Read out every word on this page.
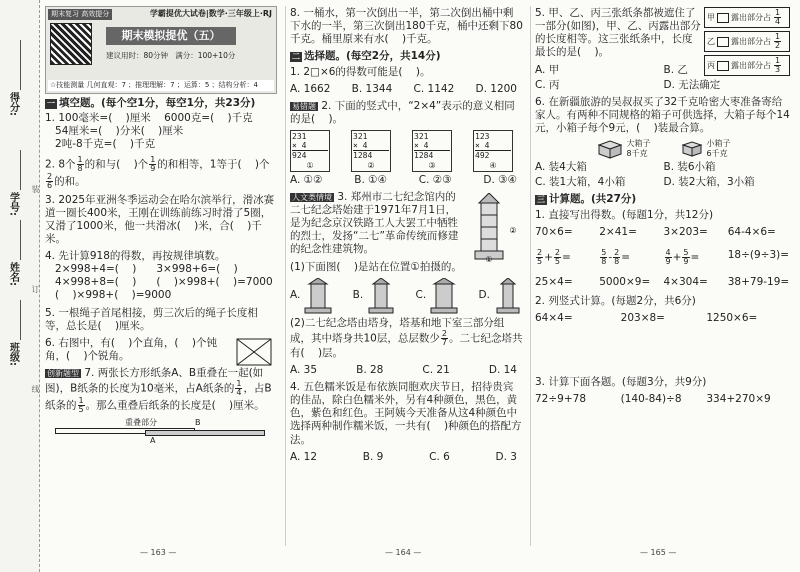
得分:
学号:
姓名:
班级:
装
订
线
期末复习 高效提分	学霸提优大试卷|数学·三年级上·RJ
期末模拟提优（五）
建议用时：80分钟 满分：100+10分
☆技能测量 几何直观：7 ；推理理解：7 ；运算：5 ；结构分析：4
一 填空题。(每个空1分，每空1分，共23分)
1. 100毫米=(    )厘米    6000克=(    )千克
54厘米=(    )分米(    )厘米
2吨-8千克=(    )千克
2. 8个 $\frac{1}{8}$ 的和与(    )个 $\frac{1}{9}$ 的和相等，1等于(    )个
$\frac{2}{6}$ 的和。
3. 2025年亚洲冬季运动会在哈尔滨举行，滑冰赛道一圈长400米，王刚在训练前练习时滑了5圈，又滑了1000米，他一共滑冰(    )米，合(    )千米。
4. 先计算918的得数，再按规律填数。
2×998+4=(    )      3×998+6=(    )
4×998+8=(    )      (    )×998+(    )=7000
(    )×998+(    )=9000
5. 一根绳子首尾相接，剪三次后的绳子长度相等，总长是(    )厘米。
6. 右图中，有(    )个直角，(    )个钝角，(    )个锐角。
创新题型 7. 两张长方形纸条A、B重叠在一起(如图)，B纸条的长度为10毫米，占A纸条的 $\frac{1}{4}$ ，占B纸条的 $\frac{1}{5}$ 。那么重叠后纸条的长度是(    )厘米。
重叠部分	B
A
8. 一桶水，第一次倒出一半，第二次倒出桶中剩下水的一半，第三次倒出180千克，桶中还剩下80千克。桶里原来有水(    )千克。
二 选择题。(每空2分，共14分)
1. 2□×6的得数可能是(    )。
A. 1662 B. 1344 C. 1142 D. 1200
易错题 2. 下面的竖式中，“2×4”表示的意义相同的是(    )。
231
× 4
924
①
321
× 4
1284
②
321
× 4
1284
③
123
× 4
492
④
A. ①②	B. ①④	C. ②③	D. ③④
人文类情境 3. 郑州市二七纪念馆内的二七纪念塔始建于1971年7月1日，是为纪念京汉铁路工人大罢工中牺牲的烈士，发扬“二七”革命传统而修建的纪念性建筑物。
①
②
(1)下面图(    )是站在位置①拍摄的。
A.	B.	C.	D.
(2)二七纪念塔由塔身，塔基和地下室三部分组成，其中塔身共10层，总层数少 $\frac{2}{7}$ 。二七纪念塔共有(    )层。
A. 35	B. 28	C. 21	D. 14
4. 五色糯米饭是布依族同胞欢庆节日，招待贵宾的佳品，除白色糯米外，另有4种颜色，黑色，黄色，紫色和红色。王阿姨今天准备从这4种颜色中选择两种制作糯米饭，一共有(    )种颜色的搭配方法。
A. 12	B. 9	C. 6	D. 3
5. 甲、乙、丙三张纸条都被遮住了一部分(如图)，甲、乙、丙露出部分的长度相等。这三张纸条中，长度最长的是(    )。
甲 露出部分占 $\frac{1}{4}$
乙 露出部分占 $\frac{1}{2}$
丙 露出部分占 $\frac{1}{3}$
A. 甲	B. 乙
C. 丙	D. 无法确定
6. 在新疆旅游的吴叔叔买了32千克哈密大枣准备寄给家人。有两种不同规格的箱子可供选择，大箱子每个14元，小箱子每个9元，(    )装最合算。
大箱子
8千克
小箱子
6千克
A. 装4大箱	B. 装6小箱
C. 装1大箱，4小箱	D. 装2大箱，3小箱
三 计算题。(共27分)
1. 直接写出得数。(每题1分，共12分)
70×6=	2×41=	3×203=	64-4×6=
$\frac{2}{5} + \frac{2}{5}$ =	$\frac{5}{8} - \frac{2}{8}$ =	$\frac{4}{9} + \frac{5}{9}$ =	18÷(9÷3)=
25×4=	5000×9=	4×304=	38+79-19=
2. 列竖式计算。(每题2分，共6分)
64×4=	203×8=	1250×6=
3. 计算下面各题。(每题3分，共9分)
72÷9+78	(140-84)÷8	334+270×9
— 163 —	— 164 —	— 165 —
